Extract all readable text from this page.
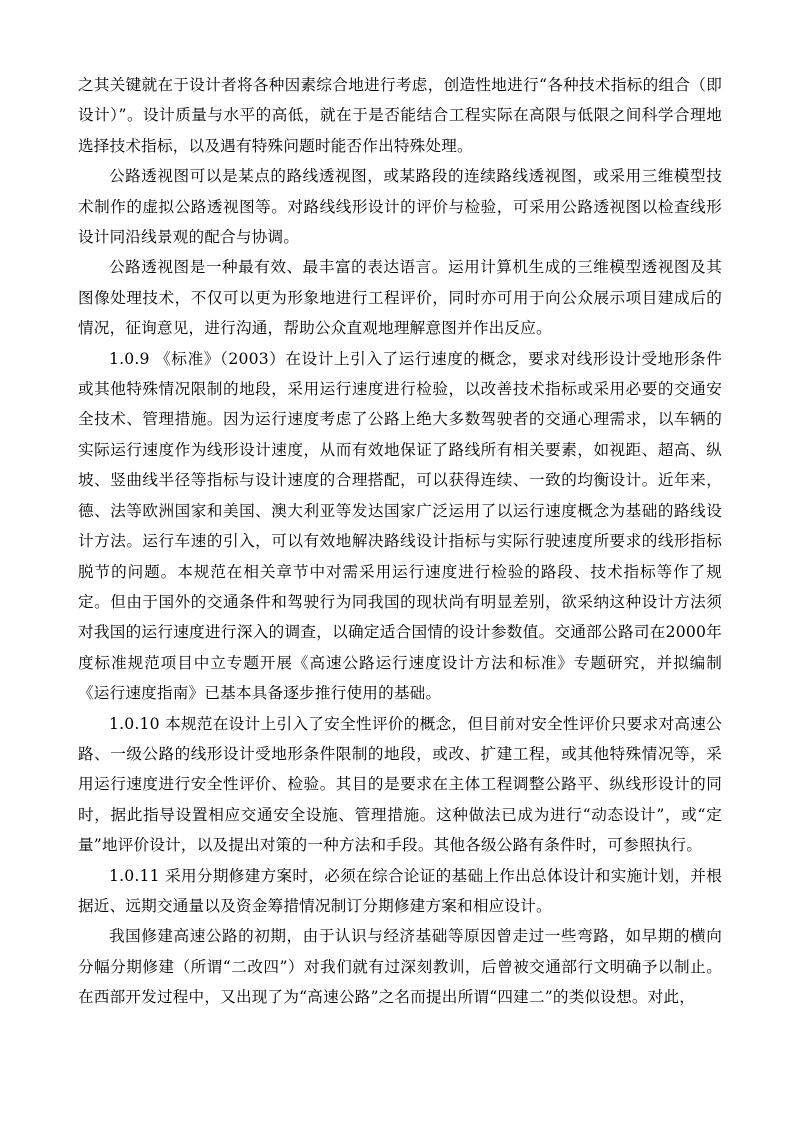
之其关键就在于设计者将各种因素综合地进行考虑，创造性地进行“各种技术指标的组合（即设计）”。设计质量与水平的高低，就在于是否能结合工程实际在高限与低限之间科学合理地选择技术指标，以及遇有特殊问题时能否作出特殊处理。

公路透视图可以是某点的路线透视图，或某路段的连续路线透视图，或采用三维模型技术制作的虚拟公路透视图等。对路线线形设计的评价与检验，可采用公路透视图以检查线形设计同沿线景观的配合与协调。

公路透视图是一种最有效、最丰富的表达语言。运用计算机生成的三维模型透视图及其图像处理技术，不仅可以更为形象地进行工程评价，同时亦可用于向公众展示项目建成后的情况，征询意见，进行沟通，帮助公众直观地理解意图并作出反应。

1.0.9 《标准》（2003）在设计上引入了运行速度的概念，要求对线形设计受地形条件或其他特殊情况限制的地段，采用运行速度进行检验，以改善技术指标或采用必要的交通安全技术、管理措施。因为运行速度考虑了公路上绝大多数驾驶者的交通心理需求，以车辆的实际运行速度作为线形设计速度，从而有效地保证了路线所有相关要素，如视距、超高、纵坡、竖曲线半径等指标与设计速度的合理搭配，可以获得连续、一致的均衡设计。近年来，德、法等欧洲国家和美国、澳大利亚等发达国家广泛运用了以运行速度概念为基础的路线设计方法。运行车速的引入，可以有效地解决路线设计指标与实际行驶速度所要求的线形指标脱节的问题。本规范在相关章节中对需采用运行速度进行检验的路段、技术指标等作了规定。但由于国外的交通条件和驾驶行为同我国的现状尚有明显差别，欲采纳这种设计方法须对我国的运行速度进行深入的调查，以确定适合国情的设计参数值。交通部公路司在2000年度标准规范项目中立专题开展《高速公路运行速度设计方法和标准》专题研究，并拟编制《运行速度指南》已基本具备逐步推行使用的基础。

1.0.10 本规范在设计上引入了安全性评价的概念，但目前对安全性评价只要求对高速公路、一级公路的线形设计受地形条件限制的地段，或改、扩建工程，或其他特殊情况等，采用运行速度进行安全性评价、检验。其目的是要求在主体工程调整公路平、纵线形设计的同时，据此指导设置相应交通安全设施、管理措施。这种做法已成为进行“动态设计”，或“定量”地评价设计，以及提出对策的一种方法和手段。其他各级公路有条件时，可参照执行。

1.0.11 采用分期修建方案时，必须在综合论证的基础上作出总体设计和实施计划，并根据近、远期交通量以及资金筹措情况制订分期修建方案和相应设计。

我国修建高速公路的初期，由于认识与经济基础等原因曾走过一些弯路，如早期的横向分幅分期修建（所谓“二改四”）对我们就有过深刻教训，后曾被交通部行文明确予以制止。在西部开发过程中，又出现了为“高速公路”之名而提出所谓“四建二”的类似设想。对此，
